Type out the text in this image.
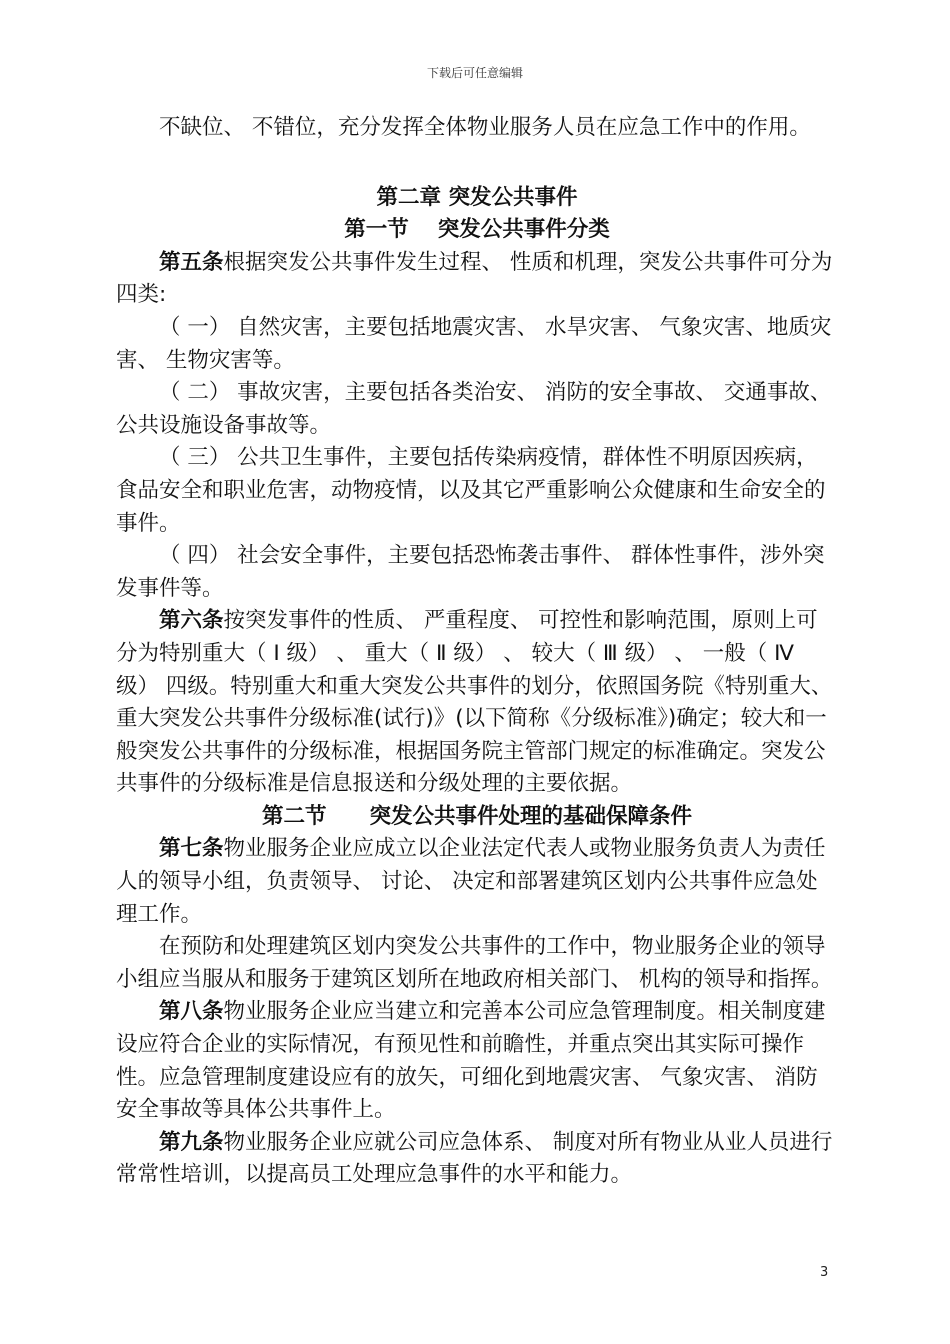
下载后可任意编辑

不缺位、 不错位，充分发挥全体物业服务人员在应急工作中的作用。

第二章 突发公共事件

第一节　 突发公共事件分类

第五条根据突发公共事件发生过程、 性质和机理，突发公共事件可分为四类:

（ 一） 自然灾害，主要包括地震灾害、 水旱灾害、 气象灾害、地质灾害、 生物灾害等。

（ 二） 事故灾害，主要包括各类治安、 消防的安全事故、 交通事故、 公共设施设备事故等。

（ 三） 公共卫生事件，主要包括传染病疫情，群体性不明原因疾病， 食品安全和职业危害，动物疫情，以及其它严重影响公众健康和生命安全的事件。

（ 四） 社会安全事件，主要包括恐怖袭击事件、 群体性事件，涉外突发事件等。

第六条按突发事件的性质、 严重程度、 可控性和影响范围，原则上可分为特别重大（ Ⅰ 级） 、 重大（ Ⅱ 级） 、 较大（ Ⅲ 级） 、 一般（ Ⅳ 级） 四级。特别重大和重大突发公共事件的划分，依照国务院《特别重大、 重大突发公共事件分级标准(试行)》(以下简称《分级标准》)确定；较大和一般突发公共事件的分级标准，根据国务院主管部门规定的标准确定。突发公共事件的分级标准是信息报送和分级处理的主要依据。

第二节　　突发公共事件处理的基础保障条件

第七条物业服务企业应成立以企业法定代表人或物业服务负责人为责任人的领导小组，负责领导、 讨论、 决定和部署建筑区划内公共事件应急处理工作。

在预防和处理建筑区划内突发公共事件的工作中，物业服务企业的领导小组应当服从和服务于建筑区划所在地政府相关部门、 机构的领导和指挥。

第八条物业服务企业应当建立和完善本公司应急管理制度。相关制度建设应符合企业的实际情况，有预见性和前瞻性，并重点突出其实际可操作性。应急管理制度建设应有的放矢，可细化到地震灾害、 气象灾害、 消防安全事故等具体公共事件上。

第九条物业服务企业应就公司应急体系、 制度对所有物业从业人员进行常常性培训，以提高员工处理应急事件的水平和能力。

3
